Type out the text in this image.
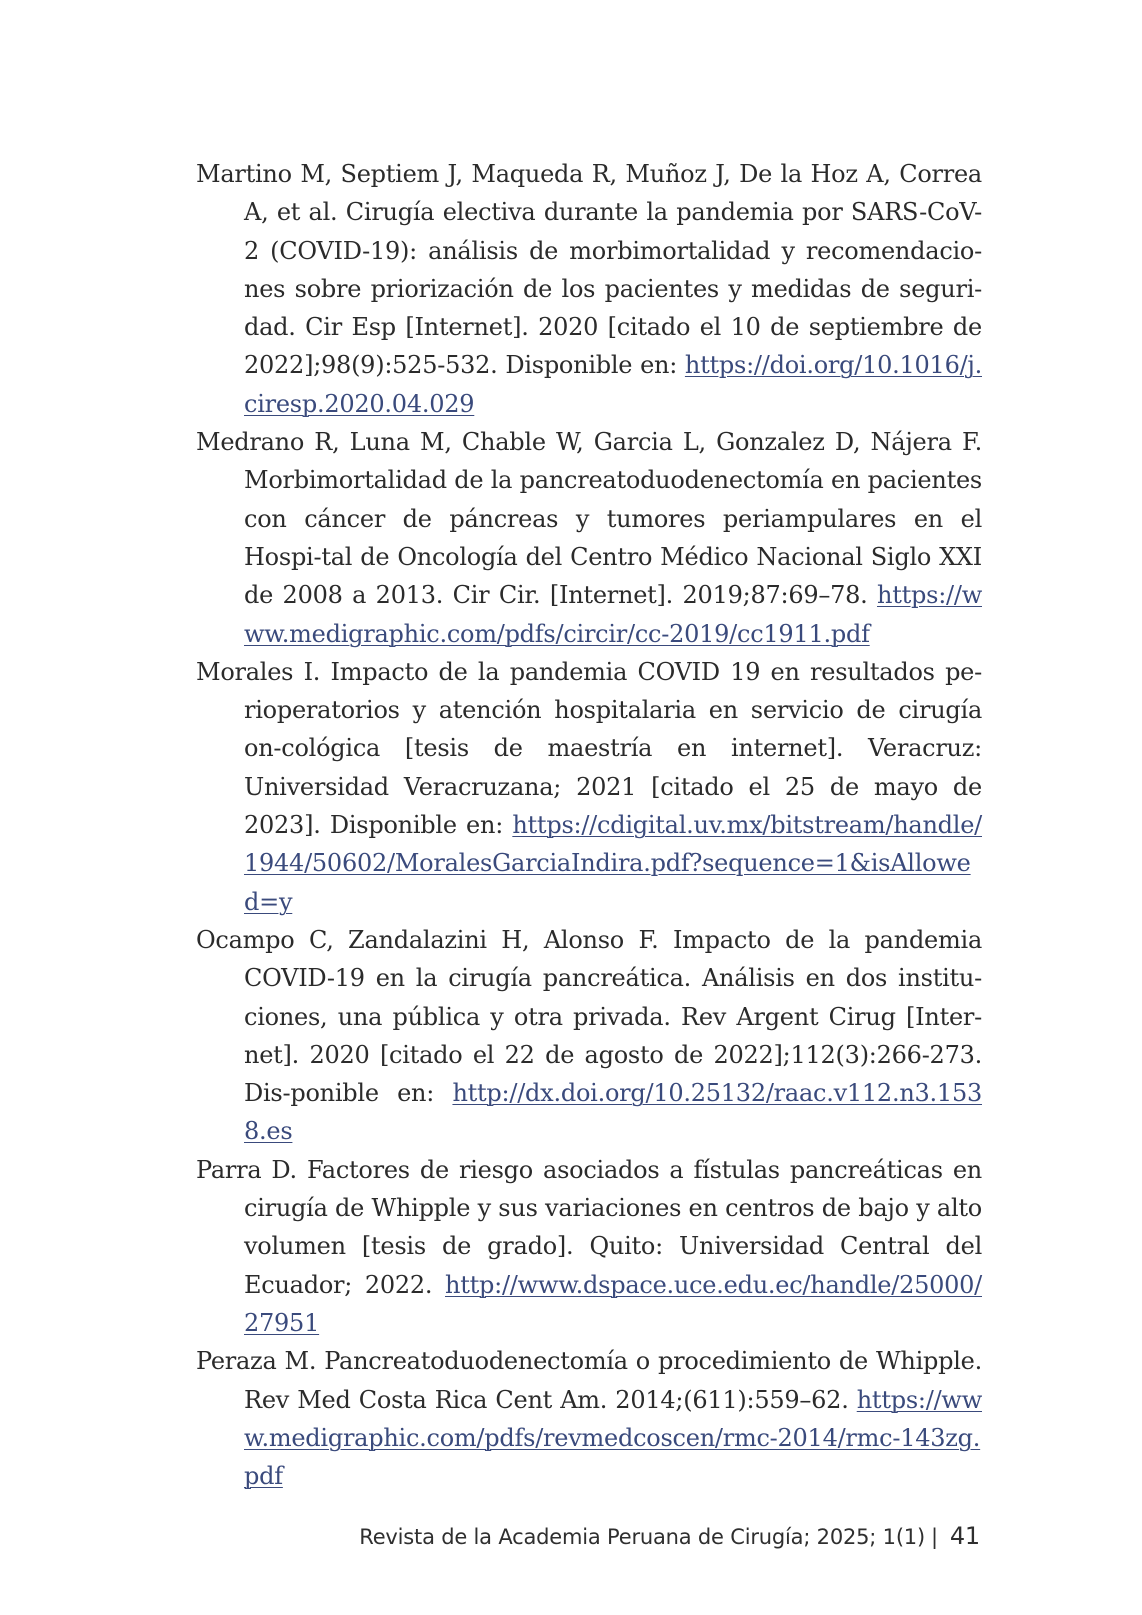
Martino M, Septiem J, Maqueda R, Muñoz J, De la Hoz A, Correa A, et al. Cirugía electiva durante la pandemia por SARS-CoV-2 (COVID-19): análisis de morbimortalidad y recomendacio-nes sobre priorización de los pacientes y medidas de seguri-dad. Cir Esp [Internet]. 2020 [citado el 10 de septiembre de 2022];98(9):525-532. Disponible en: https://doi.org/10.1016/j.ciresp.2020.04.029

Medrano R, Luna M, Chable W, Garcia L, Gonzalez D, Nájera F. Morbimortalidad de la pancreatoduodenectomía en pacientes con cáncer de páncreas y tumores periampulares en el Hospi-tal de Oncología del Centro Médico Nacional Siglo XXI de 2008 a 2013. Cir Cir. [Internet]. 2019;87:69–78. https://www.medigraphic.com/pdfs/circir/cc-2019/cc1911.pdf

Morales I. Impacto de la pandemia COVID 19 en resultados pe-rioperatorios y atención hospitalaria en servicio de cirugía on-cológica [tesis de maestría en internet]. Veracruz: Universidad Veracruzana; 2021 [citado el 25 de mayo de 2023]. Disponible en: https://cdigital.uv.mx/bitstream/handle/1944/50602/MoralesGarciaIndira.pdf?sequence=1&isAllowed=y

Ocampo C, Zandalazini H, Alonso F. Impacto de la pandemia COVID-19 en la cirugía pancreática. Análisis en dos institu-ciones, una pública y otra privada. Rev Argent Cirug [Inter-net]. 2020 [citado el 22 de agosto de 2022];112(3):266-273. Dis-ponible en: http://dx.doi.org/10.25132/raac.v112.n3.1538.es

Parra D. Factores de riesgo asociados a fístulas pancreáticas en cirugía de Whipple y sus variaciones en centros de bajo y alto volumen [tesis de grado]. Quito: Universidad Central del Ecuador; 2022. http://www.dspace.uce.edu.ec/handle/25000/27951

Peraza M. Pancreatoduodenectomía o procedimiento de Whipple. Rev Med Costa Rica Cent Am. 2014;(611):559–62. https://www.medigraphic.com/pdfs/revmedcoscen/rmc-2014/rmc-143zg.pdf

Revista de la Academia Peruana de Cirugía; 2025; 1(1) | 41
